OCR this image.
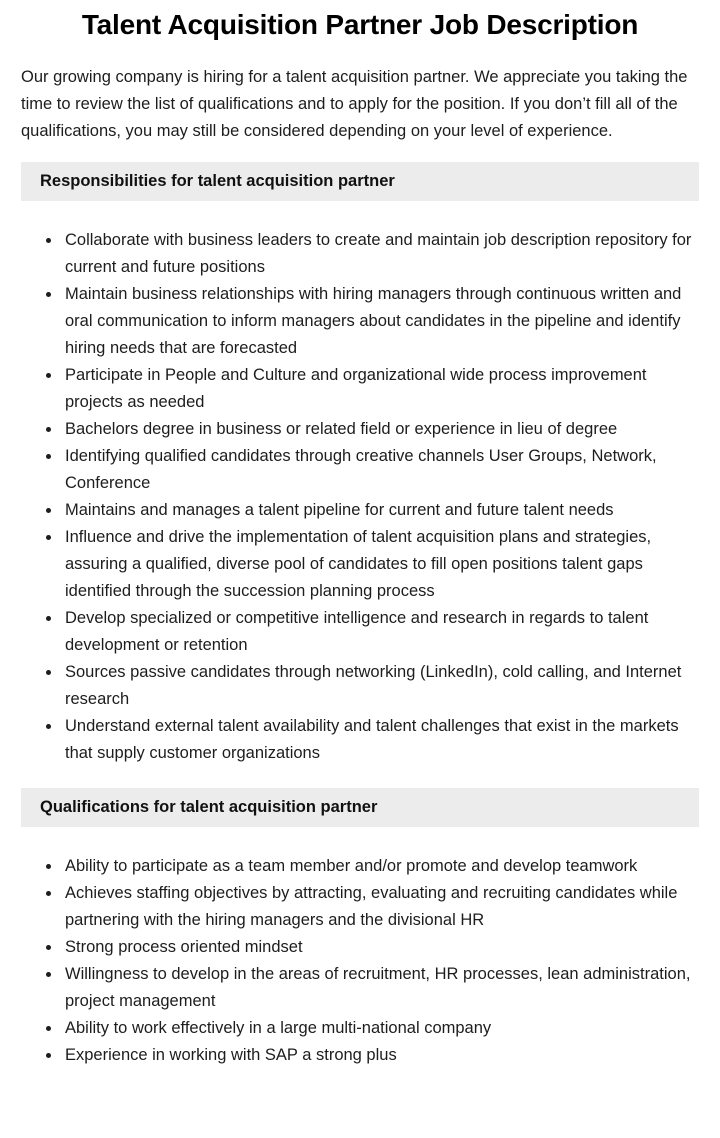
Talent Acquisition Partner Job Description

Our growing company is hiring for a talent acquisition partner. We appreciate you taking the time to review the list of qualifications and to apply for the position. If you don’t fill all of the qualifications, you may still be considered depending on your level of experience.

Responsibilities for talent acquisition partner
• Collaborate with business leaders to create and maintain job description repository for current and future positions
• Maintain business relationships with hiring managers through continuous written and oral communication to inform managers about candidates in the pipeline and identify hiring needs that are forecasted
• Participate in People and Culture and organizational wide process improvement projects as needed
• Bachelors degree in business or related field or experience in lieu of degree
• Identifying qualified candidates through creative channels User Groups, Network, Conference
• Maintains and manages a talent pipeline for current and future talent needs
• Influence and drive the implementation of talent acquisition plans and strategies, assuring a qualified, diverse pool of candidates to fill open positions talent gaps identified through the succession planning process
• Develop specialized or competitive intelligence and research in regards to talent development or retention
• Sources passive candidates through networking (LinkedIn), cold calling, and Internet research
• Understand external talent availability and talent challenges that exist in the markets that supply customer organizations
Qualifications for talent acquisition partner
• Ability to participate as a team member and/or promote and develop teamwork
• Achieves staffing objectives by attracting, evaluating and recruiting candidates while partnering with the hiring managers and the divisional HR
• Strong process oriented mindset
• Willingness to develop in the areas of recruitment, HR processes, lean administration, project management
• Ability to work effectively in a large multi-national company
• Experience in working with SAP a strong plus
